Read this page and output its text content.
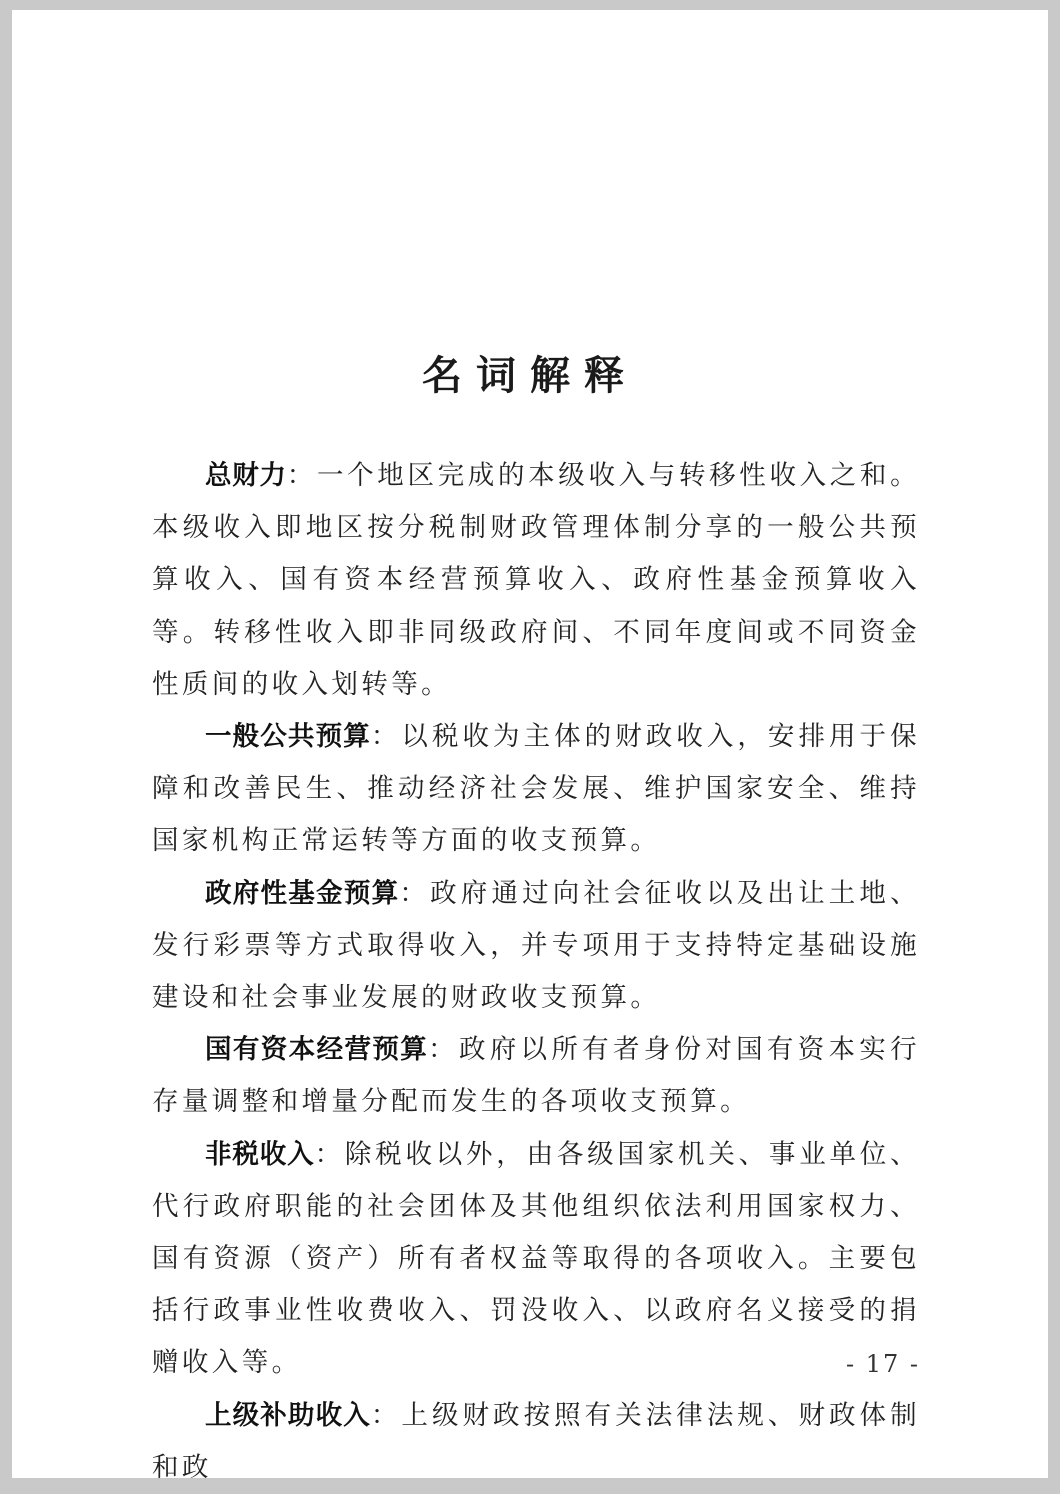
名词解释

总财力：一个地区完成的本级收入与转移性收入之和。本级收入即地区按分税制财政管理体制分享的一般公共预算收入、国有资本经营预算收入、政府性基金预算收入等。转移性收入即非同级政府间、不同年度间或不同资金性质间的收入划转等。

一般公共预算：以税收为主体的财政收入，安排用于保障和改善民生、推动经济社会发展、维护国家安全、维持国家机构正常运转等方面的收支预算。

政府性基金预算：政府通过向社会征收以及出让土地、发行彩票等方式取得收入，并专项用于支持特定基础设施建设和社会事业发展的财政收支预算。

国有资本经营预算：政府以所有者身份对国有资本实行存量调整和增量分配而发生的各项收支预算。

非税收入：除税收以外，由各级国家机关、事业单位、代行政府职能的社会团体及其他组织依法利用国家权力、国有资源（资产）所有者权益等取得的各项收入。主要包括行政事业性收费收入、罚没收入、以政府名义接受的捐赠收入等。

上级补助收入：上级财政按照有关法律法规、财政体制和政

- 17 -
